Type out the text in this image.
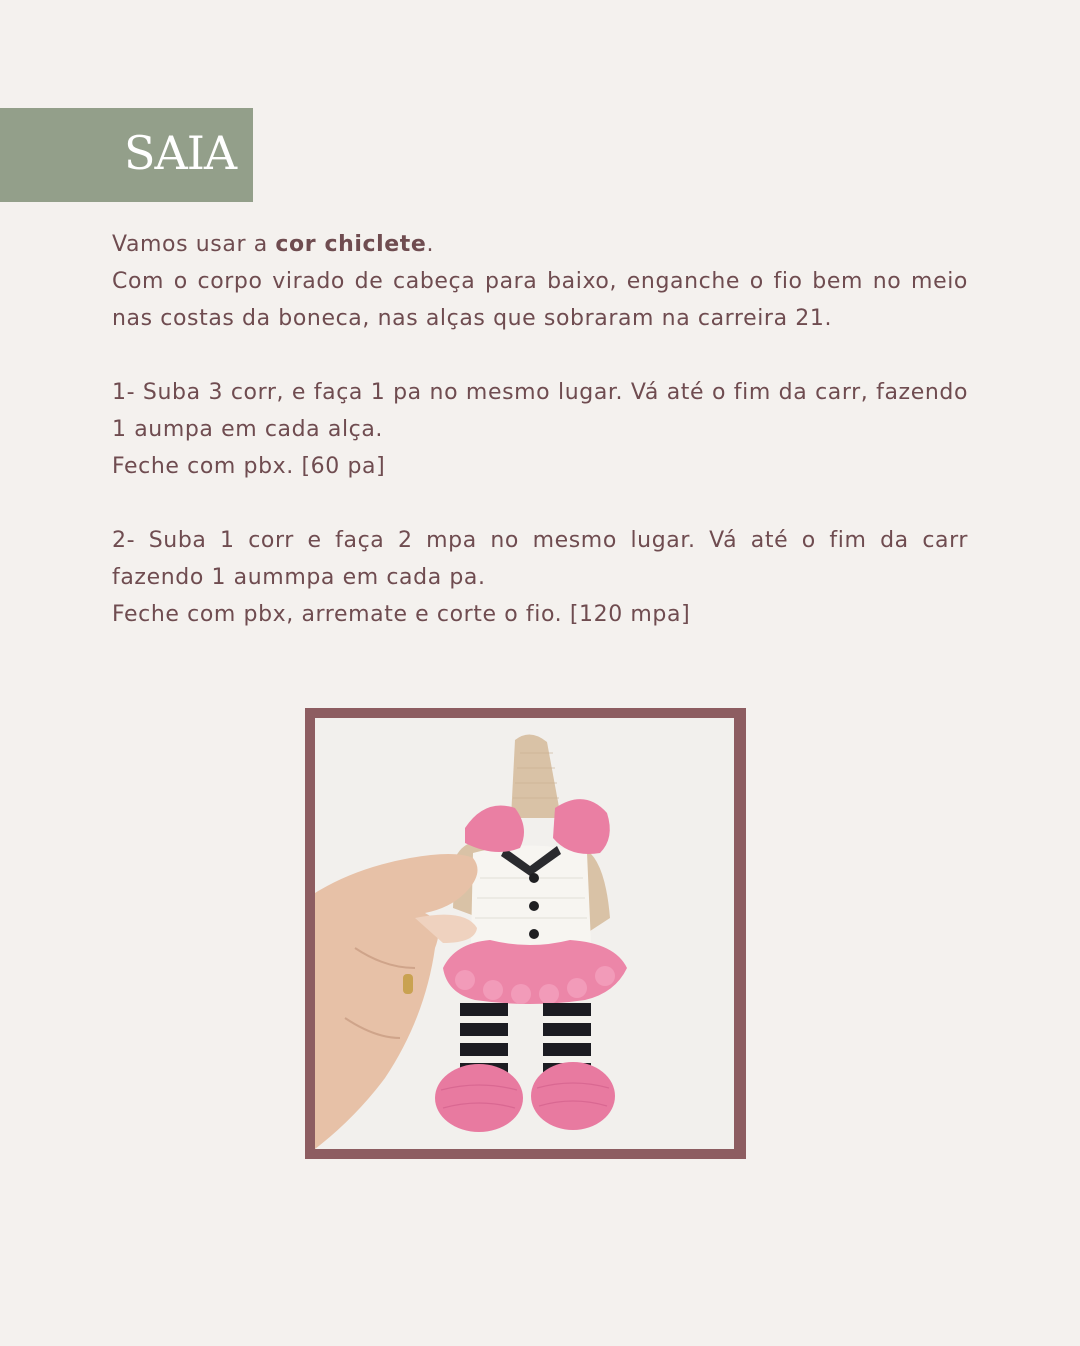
SAIA

Vamos usar a cor chiclete.

Com o corpo virado de cabeça para baixo, enganche o fio bem no meio nas costas da boneca, nas alças que sobraram na carreira 21.

1- Suba 3 corr, e faça 1 pa no mesmo lugar. Vá até o fim da carr, fazendo 1 aumpa em cada alça.

Feche com pbx. [60 pa]

2- Suba 1 corr e faça 2 mpa no mesmo lugar. Vá até o fim da carr fazendo 1 aummpa em cada pa.

Feche com pbx, arremate e corte o fio. [120 mpa]
